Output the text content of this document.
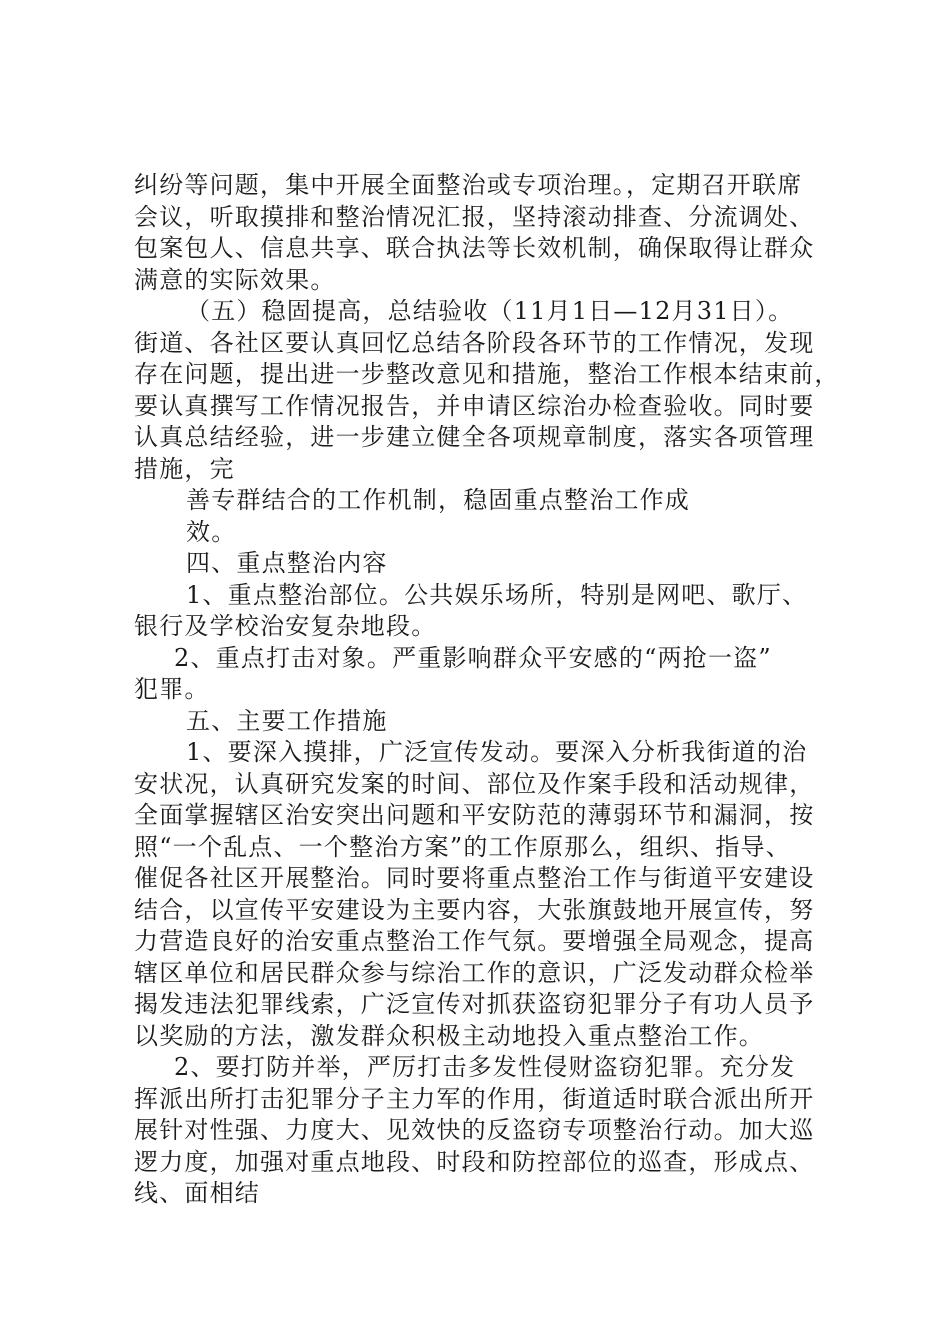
纠纷等问题，集中开展全面整治或专项治理。，定期召开联席
会议，听取摸排和整治情况汇报，坚持滚动排查、分流调处、
包案包人、信息共享、联合执法等长效机制，确保取得让群众
满意的实际效果。
（五）稳固提高，总结验收（11月1日—12月31日）。
街道、各社区要认真回忆总结各阶段各环节的工作情况，发现
存在问题，提出进一步整改意见和措施，整治工作根本结束前，
要认真撰写工作情况报告，并申请区综治办检查验收。同时要
认真总结经验，进一步建立健全各项规章制度，落实各项管理
措施，完
善专群结合的工作机制，稳固重点整治工作成
效。
四、重点整治内容
1、重点整治部位。公共娱乐场所，特别是网吧、歌厅、
银行及学校治安复杂地段。
2、重点打击对象。严重影响群众平安感的“两抢一盗”
犯罪。
五、主要工作措施
1、要深入摸排，广泛宣传发动。要深入分析我街道的治
安状况，认真研究发案的时间、部位及作案手段和活动规律，
全面掌握辖区治安突出问题和平安防范的薄弱环节和漏洞，按
照“一个乱点、一个整治方案”的工作原那么，组织、指导、
催促各社区开展整治。同时要将重点整治工作与街道平安建设
结合，以宣传平安建设为主要内容，大张旗鼓地开展宣传，努
力营造良好的治安重点整治工作气氛。要增强全局观念，提高
辖区单位和居民群众参与综治工作的意识，广泛发动群众检举
揭发违法犯罪线索，广泛宣传对抓获盗窃犯罪分子有功人员予
以奖励的方法，激发群众积极主动地投入重点整治工作。
2、要打防并举，严厉打击多发性侵财盗窃犯罪。充分发
挥派出所打击犯罪分子主力军的作用，街道适时联合派出所开
展针对性强、力度大、见效快的反盗窃专项整治行动。加大巡
逻力度，加强对重点地段、时段和防控部位的巡查，形成点、
线、面相结
